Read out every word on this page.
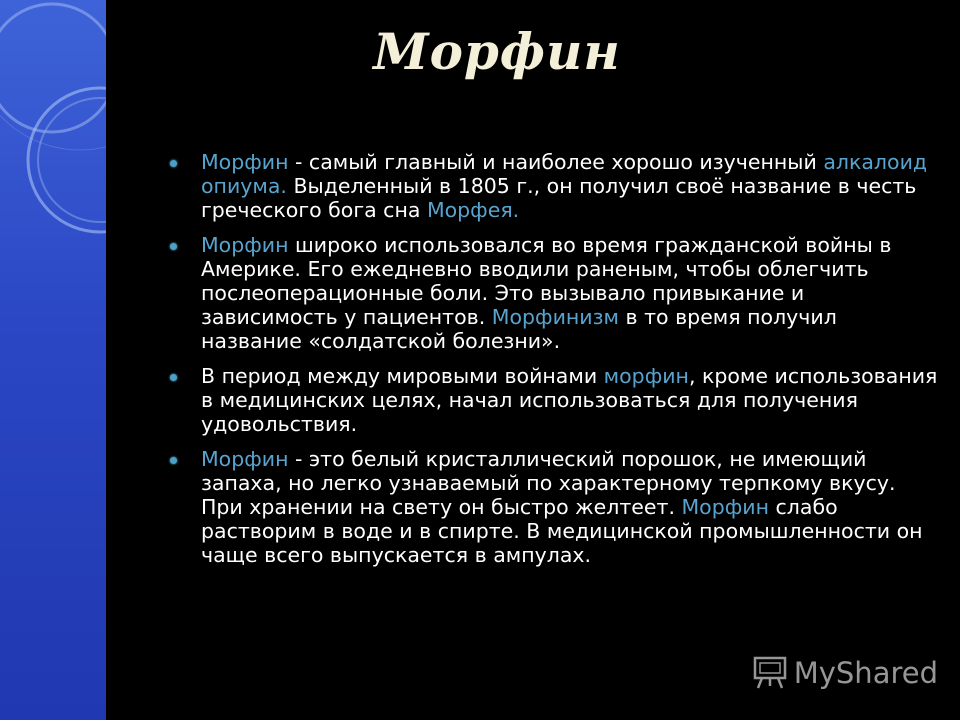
Морфин
Морфин - самый главный и наиболее хорошо изученный алкалоид опиума. Выделенный в 1805 г., он получил своё название в честь греческого бога сна Морфея.
Морфин широко использовался во время гражданской войны в Америке. Его ежедневно вводили раненым, чтобы облегчить послеоперационные боли. Это вызывало привыкание и зависимость у пациентов. Морфинизм в то время получил название «солдатской болезни».
В период между мировыми войнами морфин, кроме использования в медицинских целях, начал использоваться для получения удовольствия.
Морфин - это белый кристаллический порошок, не имеющий запаха, но легко узнаваемый по характерному терпкому вкусу. При хранении на свету он быстро желтеет. Морфин слабо растворим в воде и в спирте. В медицинской промышленности он чаще всего выпускается в ампулах.
MyShared
